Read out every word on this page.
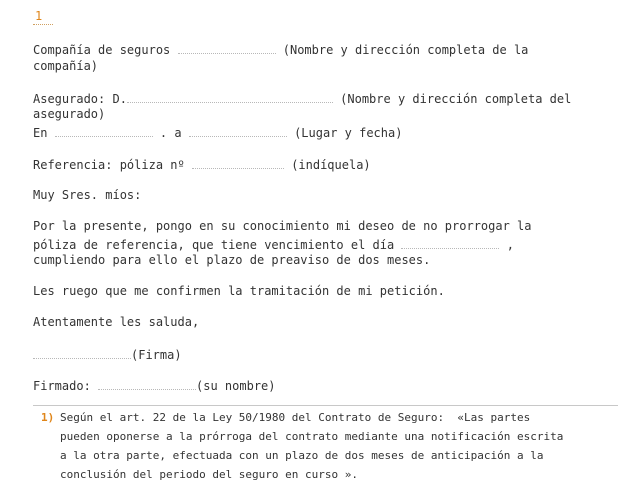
1
Compañía de seguros	(Nombre y dirección completa de la
compañía)
Asegurado: D.	(Nombre y dirección completa del
asegurado)
En	. a	(Lugar y fecha)
Referencia: póliza nº	(indíquela)
Muy Sres. míos:
Por la presente, pongo en su conocimiento mi deseo de no prorrogar la
póliza de referencia, que tiene vencimiento el día	,
cumpliendo para ello el plazo de preaviso de dos meses.
Les ruego que me confirmen la tramitación de mi petición.
Atentamente les saluda,
(Firma)
Firmado:	(su nombre)
1) Según el art. 22 de la Ley 50/1980 del Contrato de Seguro:  «Las partes
pueden oponerse a la prórroga del contrato mediante una notificación escrita
a la otra parte, efectuada con un plazo de dos meses de anticipación a la
conclusión del periodo del seguro en curso ».
